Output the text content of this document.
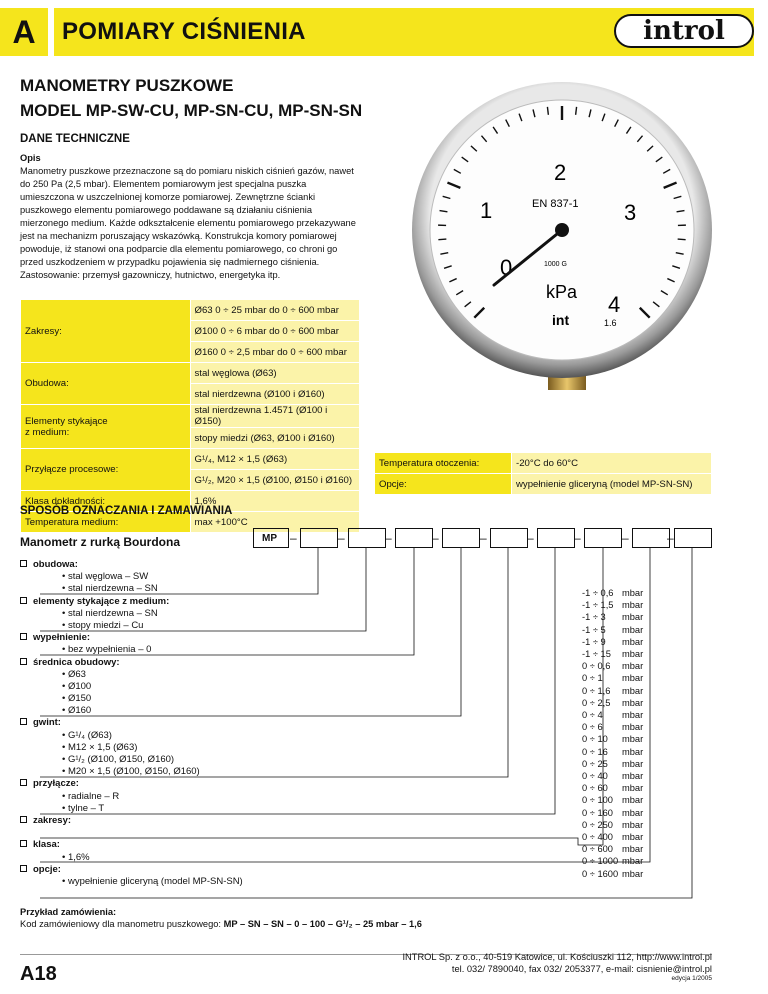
A	POMIARY CIŚNIENIA	introl
MANOMETRY PUSZKOWE
MODEL MP-SW-CU, MP-SN-CU, MP-SN-SN
DANE TECHNICZNE
Opis
Manometry puszkowe przeznaczone są do pomiaru niskich ciśnień gazów, nawet do 250 Pa (2,5 mbar). Elementem pomiarowym jest specjalna puszka umieszczona w uszczelnionej komorze pomiarowej. Zewnętrzne ścianki puszkowego elementu pomiarowego poddawane są działaniu ciśnienia mierzonego medium. Każde odkształcenie elementu pomiarowego przekazywane jest na mechanizm poruszający wskazówką. Konstrukcja komory pomiarowej powoduje, iż stanowi ona podparcie dla elementu pomiarowego, co chroni go przed uszkodzeniem w przypadku pojawienia się nadmiernego ciśnienia.
Zastosowanie: przemysł gazowniczy, hutnictwo, energetyka itp.	0
1
2
3
4
EN 837-1
1000 G
kPa
int	1.6
Zakresy:	Ø63 0 ÷ 25 mbar do 0 ÷ 600 mbar
	Ø100 0 ÷ 6 mbar do 0 ÷ 600 mbar
	Ø160 0 ÷ 2,5 mbar do 0 ÷ 600 mbar
Obudowa:	stal węglowa (Ø63)
	stal nierdzewna (Ø100 i Ø160)
Elementy stykające
z medium:	stal nierdzewna 1.4571 (Ø100 i Ø150)
	stopy miedzi (Ø63, Ø100 i Ø160)
Przyłącze procesowe:	G¹/₄, M12 × 1,5 (Ø63)
	G¹/₂, M20 × 1,5 (Ø100, Ø150 i Ø160)
Klasa dokładności:	1,6%
Temperatura medium:	max +100°C
Temperatura otoczenia:	-20°C do 60°C
Opcje:	wypełnienie gliceryną (model MP-SN-SN)
SPOSÓB OZNACZANIA I ZAMAWIANIA
Manometr z rurką Bourdona	MP	–	–	–	–	–	–	–	–	–
obudowa:
• stal węglowa – SW
• stal nierdzewna – SN
elementy stykające z medium:
• stal nierdzewna – SN
• stopy miedzi – Cu
wypełnienie:
• bez wypełnienia – 0
średnica obudowy:
• Ø63
• Ø100
• Ø150
• Ø160
gwint:
• G¹/₄ (Ø63)
• M12 × 1,5 (Ø63)
• G¹/₂ (Ø100, Ø150, Ø160)
• M20 × 1,5 (Ø100, Ø150, Ø160)
przyłącze:
• radialne – R
• tylne – T
zakresy:
klasa:
• 1,6%
opcje:
• wypełnienie gliceryną (model MP-SN-SN)
-1 ÷ 0,6 mbar
-1 ÷ 1,5 mbar
-1 ÷ 3 mbar
-1 ÷ 5 mbar
-1 ÷ 9 mbar
-1 ÷ 15 mbar
0 ÷ 0,6 mbar
0 ÷ 1 mbar
0 ÷ 1,6 mbar
0 ÷ 2,5 mbar
0 ÷ 4 mbar
0 ÷ 6 mbar
0 ÷ 10 mbar
0 ÷ 16 mbar
0 ÷ 25 mbar
0 ÷ 40 mbar
0 ÷ 60 mbar
0 ÷ 100 mbar
0 ÷ 160 mbar
0 ÷ 250 mbar
0 ÷ 400 mbar
0 ÷ 600 mbar
0 ÷ 1000 mbar
0 ÷ 1600 mbar
Przykład zamówienia:
Kod zamówieniowy dla manometru puszkowego: MP – SN – SN – 0 – 100 – G¹/₂ – 25 mbar – 1,6
A18
INTROL Sp. z o.o., 40-519 Katowice, ul. Kościuszki 112, http://www.introl.pl
tel. 032/ 7890040, fax 032/ 2053377, e-mail: cisnienie@introl.pl
edycja 1/2005
